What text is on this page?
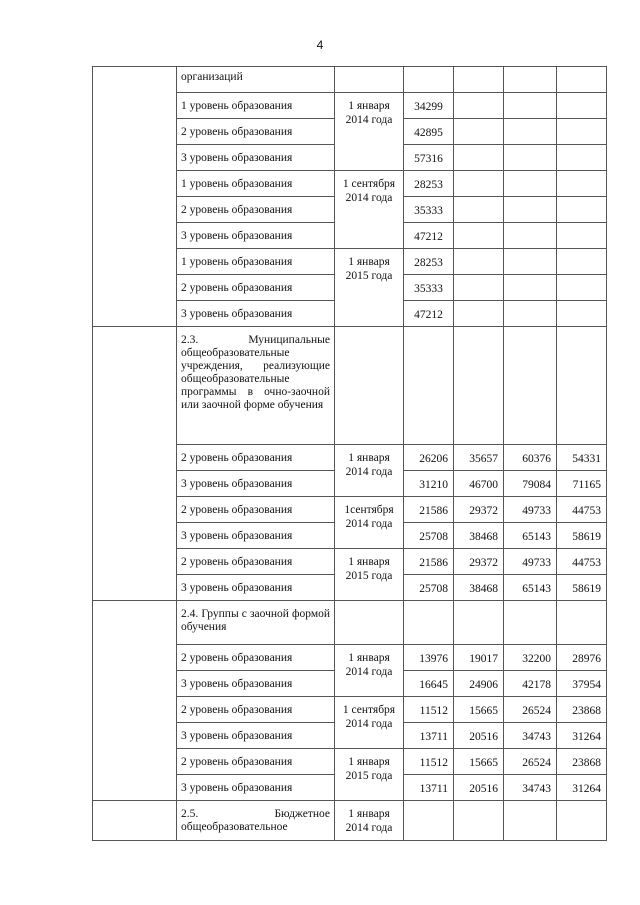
4
	организаций					
	1 уровень образования	1 января
2014 года	34299			
	2 уровень образования		42895			
	3 уровень образования		57316			
	1 уровень образования	1 сентября
2014 года	28253			
	2 уровень образования		35333			
	3 уровень образования		47212			
	1 уровень образования	1 января
2015 года	28253			
	2 уровень образования		35333			
	3 уровень образования		47212			
	2.3. Муниципальные общеобразовательные учреждения, реализующие общеобразовательные программы в очно-заочной или заочной форме обучения					
	2 уровень образования	1 января
2014 года	26206	35657	60376	54331
	3 уровень образования		31210	46700	79084	71165
	2 уровень образования	1сентября
2014 года	21586	29372	49733	44753
	3 уровень образования		25708	38468	65143	58619
	2 уровень образования	1 января
2015 года	21586	29372	49733	44753
	3 уровень образования		25708	38468	65143	58619
	2.4. Группы с заочной формой обучения					
	2 уровень образования	1 января
2014 года	13976	19017	32200	28976
	3 уровень образования		16645	24906	42178	37954
	2 уровень образования	1 сентября
2014 года	11512	15665	26524	23868
	3 уровень образования		13711	20516	34743	31264
	2 уровень образования	1 января
2015 года	11512	15665	26524	23868
	3 уровень образования		13711	20516	34743	31264
	2.5. Бюджетное общеобразовательное	1 января
2014 года				
